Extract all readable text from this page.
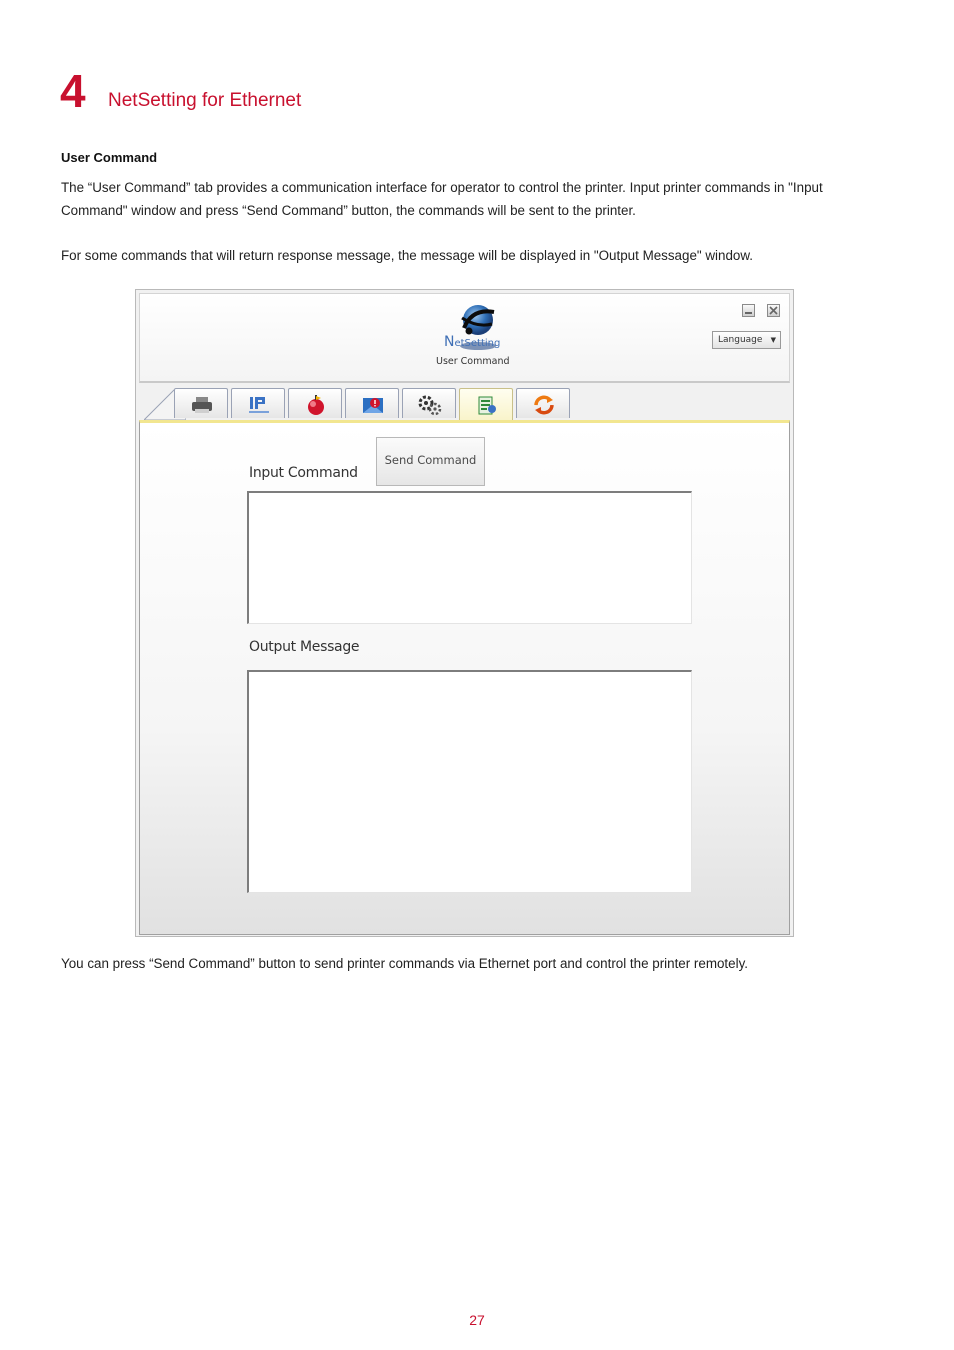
4 NetSetting for Ethernet
User Command

The “User Command” tab provides a communication interface for operator to control the printer. Input printer commands in "Input Command" window and press “Send Command” button, the commands will be sent to the printer.

For some commands that will return response message, the message will be displayed in "Output Message" window.

NetSetting
User Command
Language ▼
Send Command
Input Command
Output Message

You can press “Send Command” button to send printer commands via Ethernet port and control the printer remotely.

27
